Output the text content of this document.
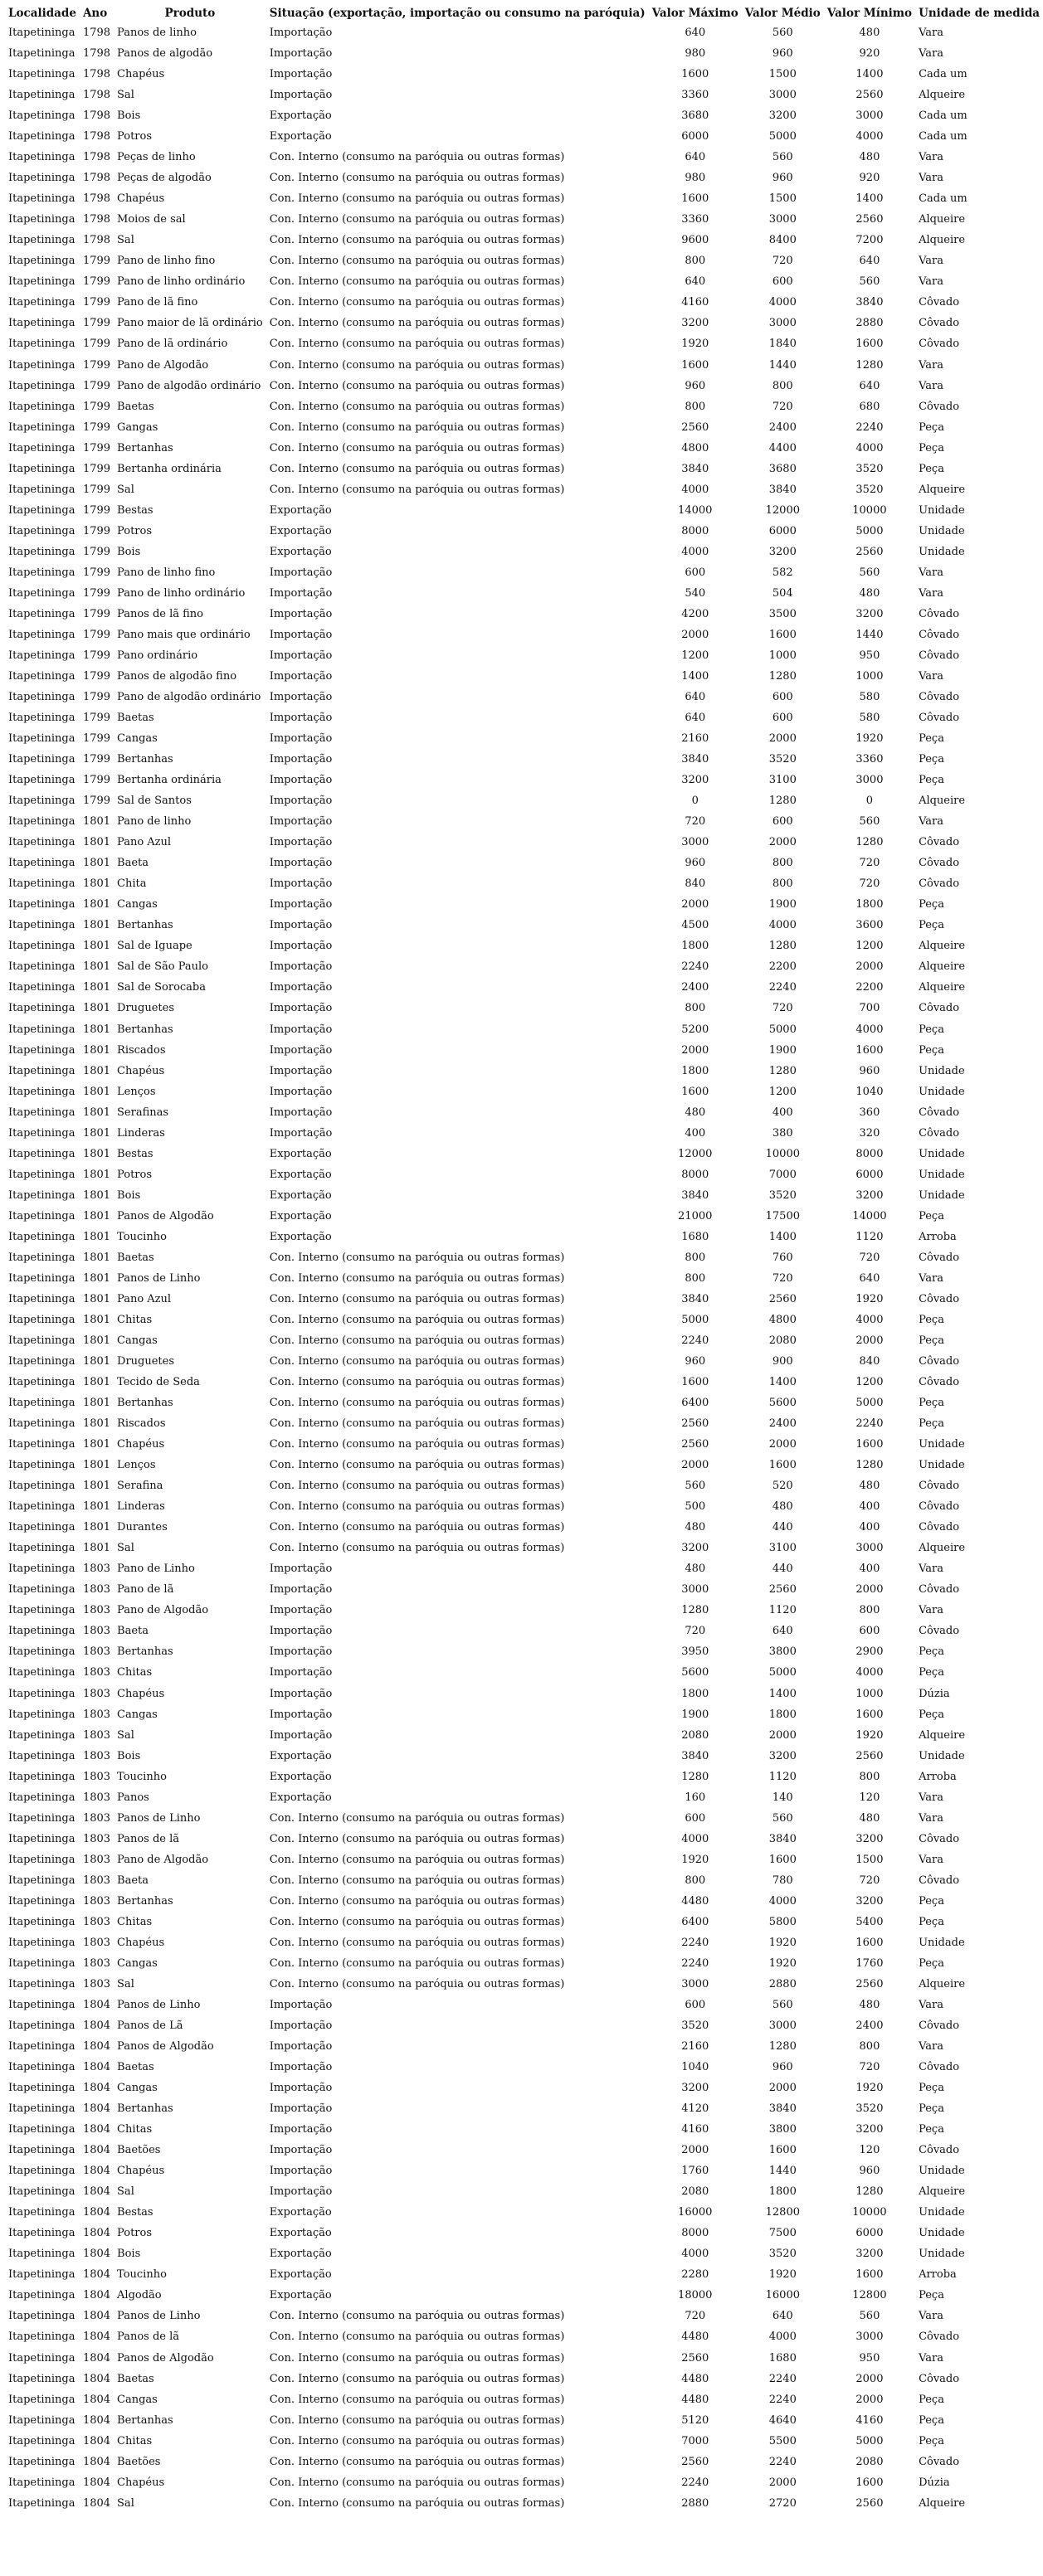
Localidade	Ano	Produto	Situação (exportação, importação ou consumo na paróquia)	Valor Máximo	Valor Médio	Valor Mínimo	Unidade de medida
Itapetininga	1798	Panos de linho	Importação	640	560	480	Vara
Itapetininga	1798	Panos de algodão	Importação	980	960	920	Vara
Itapetininga	1798	Chapéus	Importação	1600	1500	1400	Cada um
Itapetininga	1798	Sal	Importação	3360	3000	2560	Alqueire
Itapetininga	1798	Bois	Exportação	3680	3200	3000	Cada um
Itapetininga	1798	Potros	Exportação	6000	5000	4000	Cada um
Itapetininga	1798	Peças de linho	Con. Interno (consumo na paróquia ou outras formas)	640	560	480	Vara
Itapetininga	1798	Peças de algodão	Con. Interno (consumo na paróquia ou outras formas)	980	960	920	Vara
Itapetininga	1798	Chapéus	Con. Interno (consumo na paróquia ou outras formas)	1600	1500	1400	Cada um
Itapetininga	1798	Moios de sal	Con. Interno (consumo na paróquia ou outras formas)	3360	3000	2560	Alqueire
Itapetininga	1798	Sal	Con. Interno (consumo na paróquia ou outras formas)	9600	8400	7200	Alqueire
Itapetininga	1799	Pano de linho fino	Con. Interno (consumo na paróquia ou outras formas)	800	720	640	Vara
Itapetininga	1799	Pano de linho ordinário	Con. Interno (consumo na paróquia ou outras formas)	640	600	560	Vara
Itapetininga	1799	Pano de lã fino	Con. Interno (consumo na paróquia ou outras formas)	4160	4000	3840	Côvado
Itapetininga	1799	Pano maior de lã ordinário	Con. Interno (consumo na paróquia ou outras formas)	3200	3000	2880	Côvado
Itapetininga	1799	Pano de lã ordinário	Con. Interno (consumo na paróquia ou outras formas)	1920	1840	1600	Côvado
Itapetininga	1799	Pano de Algodão	Con. Interno (consumo na paróquia ou outras formas)	1600	1440	1280	Vara
Itapetininga	1799	Pano de algodão ordinário	Con. Interno (consumo na paróquia ou outras formas)	960	800	640	Vara
Itapetininga	1799	Baetas	Con. Interno (consumo na paróquia ou outras formas)	800	720	680	Côvado
Itapetininga	1799	Gangas	Con. Interno (consumo na paróquia ou outras formas)	2560	2400	2240	Peça
Itapetininga	1799	Bertanhas	Con. Interno (consumo na paróquia ou outras formas)	4800	4400	4000	Peça
Itapetininga	1799	Bertanha ordinária	Con. Interno (consumo na paróquia ou outras formas)	3840	3680	3520	Peça
Itapetininga	1799	Sal	Con. Interno (consumo na paróquia ou outras formas)	4000	3840	3520	Alqueire
Itapetininga	1799	Bestas	Exportação	14000	12000	10000	Unidade
Itapetininga	1799	Potros	Exportação	8000	6000	5000	Unidade
Itapetininga	1799	Bois	Exportação	4000	3200	2560	Unidade
Itapetininga	1799	Pano de linho fino	Importação	600	582	560	Vara
Itapetininga	1799	Pano de linho ordinário	Importação	540	504	480	Vara
Itapetininga	1799	Panos de lã fino	Importação	4200	3500	3200	Côvado
Itapetininga	1799	Pano mais que ordinário	Importação	2000	1600	1440	Côvado
Itapetininga	1799	Pano ordinário	Importação	1200	1000	950	Côvado
Itapetininga	1799	Panos de algodão fino	Importação	1400	1280	1000	Vara
Itapetininga	1799	Pano de algodão ordinário	Importação	640	600	580	Côvado
Itapetininga	1799	Baetas	Importação	640	600	580	Côvado
Itapetininga	1799	Cangas	Importação	2160	2000	1920	Peça
Itapetininga	1799	Bertanhas	Importação	3840	3520	3360	Peça
Itapetininga	1799	Bertanha ordinária	Importação	3200	3100	3000	Peça
Itapetininga	1799	Sal de Santos	Importação	0	1280	0	Alqueire
Itapetininga	1801	Pano de linho	Importação	720	600	560	Vara
Itapetininga	1801	Pano Azul	Importação	3000	2000	1280	Côvado
Itapetininga	1801	Baeta	Importação	960	800	720	Côvado
Itapetininga	1801	Chita	Importação	840	800	720	Côvado
Itapetininga	1801	Cangas	Importação	2000	1900	1800	Peça
Itapetininga	1801	Bertanhas	Importação	4500	4000	3600	Peça
Itapetininga	1801	Sal de Iguape	Importação	1800	1280	1200	Alqueire
Itapetininga	1801	Sal de São Paulo	Importação	2240	2200	2000	Alqueire
Itapetininga	1801	Sal de Sorocaba	Importação	2400	2240	2200	Alqueire
Itapetininga	1801	Druguetes	Importação	800	720	700	Côvado
Itapetininga	1801	Bertanhas	Importação	5200	5000	4000	Peça
Itapetininga	1801	Riscados	Importação	2000	1900	1600	Peça
Itapetininga	1801	Chapéus	Importação	1800	1280	960	Unidade
Itapetininga	1801	Lenços	Importação	1600	1200	1040	Unidade
Itapetininga	1801	Serafinas	Importação	480	400	360	Côvado
Itapetininga	1801	Linderas	Importação	400	380	320	Côvado
Itapetininga	1801	Bestas	Exportação	12000	10000	8000	Unidade
Itapetininga	1801	Potros	Exportação	8000	7000	6000	Unidade
Itapetininga	1801	Bois	Exportação	3840	3520	3200	Unidade
Itapetininga	1801	Panos de Algodão	Exportação	21000	17500	14000	Peça
Itapetininga	1801	Toucinho	Exportação	1680	1400	1120	Arroba
Itapetininga	1801	Baetas	Con. Interno (consumo na paróquia ou outras formas)	800	760	720	Côvado
Itapetininga	1801	Panos de Linho	Con. Interno (consumo na paróquia ou outras formas)	800	720	640	Vara
Itapetininga	1801	Pano Azul	Con. Interno (consumo na paróquia ou outras formas)	3840	2560	1920	Côvado
Itapetininga	1801	Chitas	Con. Interno (consumo na paróquia ou outras formas)	5000	4800	4000	Peça
Itapetininga	1801	Cangas	Con. Interno (consumo na paróquia ou outras formas)	2240	2080	2000	Peça
Itapetininga	1801	Druguetes	Con. Interno (consumo na paróquia ou outras formas)	960	900	840	Côvado
Itapetininga	1801	Tecido de Seda	Con. Interno (consumo na paróquia ou outras formas)	1600	1400	1200	Côvado
Itapetininga	1801	Bertanhas	Con. Interno (consumo na paróquia ou outras formas)	6400	5600	5000	Peça
Itapetininga	1801	Riscados	Con. Interno (consumo na paróquia ou outras formas)	2560	2400	2240	Peça
Itapetininga	1801	Chapéus	Con. Interno (consumo na paróquia ou outras formas)	2560	2000	1600	Unidade
Itapetininga	1801	Lenços	Con. Interno (consumo na paróquia ou outras formas)	2000	1600	1280	Unidade
Itapetininga	1801	Serafina	Con. Interno (consumo na paróquia ou outras formas)	560	520	480	Côvado
Itapetininga	1801	Linderas	Con. Interno (consumo na paróquia ou outras formas)	500	480	400	Côvado
Itapetininga	1801	Durantes	Con. Interno (consumo na paróquia ou outras formas)	480	440	400	Côvado
Itapetininga	1801	Sal	Con. Interno (consumo na paróquia ou outras formas)	3200	3100	3000	Alqueire
Itapetininga	1803	Pano de Linho	Importação	480	440	400	Vara
Itapetininga	1803	Pano de lã	Importação	3000	2560	2000	Côvado
Itapetininga	1803	Pano de Algodão	Importação	1280	1120	800	Vara
Itapetininga	1803	Baeta	Importação	720	640	600	Côvado
Itapetininga	1803	Bertanhas	Importação	3950	3800	2900	Peça
Itapetininga	1803	Chitas	Importação	5600	5000	4000	Peça
Itapetininga	1803	Chapéus	Importação	1800	1400	1000	Dúzia
Itapetininga	1803	Cangas	Importação	1900	1800	1600	Peça
Itapetininga	1803	Sal	Importação	2080	2000	1920	Alqueire
Itapetininga	1803	Bois	Exportação	3840	3200	2560	Unidade
Itapetininga	1803	Toucinho	Exportação	1280	1120	800	Arroba
Itapetininga	1803	Panos	Exportação	160	140	120	Vara
Itapetininga	1803	Panos de Linho	Con. Interno (consumo na paróquia ou outras formas)	600	560	480	Vara
Itapetininga	1803	Panos de lã	Con. Interno (consumo na paróquia ou outras formas)	4000	3840	3200	Côvado
Itapetininga	1803	Pano de Algodão	Con. Interno (consumo na paróquia ou outras formas)	1920	1600	1500	Vara
Itapetininga	1803	Baeta	Con. Interno (consumo na paróquia ou outras formas)	800	780	720	Côvado
Itapetininga	1803	Bertanhas	Con. Interno (consumo na paróquia ou outras formas)	4480	4000	3200	Peça
Itapetininga	1803	Chitas	Con. Interno (consumo na paróquia ou outras formas)	6400	5800	5400	Peça
Itapetininga	1803	Chapéus	Con. Interno (consumo na paróquia ou outras formas)	2240	1920	1600	Unidade
Itapetininga	1803	Cangas	Con. Interno (consumo na paróquia ou outras formas)	2240	1920	1760	Peça
Itapetininga	1803	Sal	Con. Interno (consumo na paróquia ou outras formas)	3000	2880	2560	Alqueire
Itapetininga	1804	Panos de Linho	Importação	600	560	480	Vara
Itapetininga	1804	Panos de Lã	Importação	3520	3000	2400	Côvado
Itapetininga	1804	Panos de Algodão	Importação	2160	1280	800	Vara
Itapetininga	1804	Baetas	Importação	1040	960	720	Côvado
Itapetininga	1804	Cangas	Importação	3200	2000	1920	Peça
Itapetininga	1804	Bertanhas	Importação	4120	3840	3520	Peça
Itapetininga	1804	Chitas	Importação	4160	3800	3200	Peça
Itapetininga	1804	Baetões	Importação	2000	1600	120	Côvado
Itapetininga	1804	Chapéus	Importação	1760	1440	960	Unidade
Itapetininga	1804	Sal	Importação	2080	1800	1280	Alqueire
Itapetininga	1804	Bestas	Exportação	16000	12800	10000	Unidade
Itapetininga	1804	Potros	Exportação	8000	7500	6000	Unidade
Itapetininga	1804	Bois	Exportação	4000	3520	3200	Unidade
Itapetininga	1804	Toucinho	Exportação	2280	1920	1600	Arroba
Itapetininga	1804	Algodão	Exportação	18000	16000	12800	Peça
Itapetininga	1804	Panos de Linho	Con. Interno (consumo na paróquia ou outras formas)	720	640	560	Vara
Itapetininga	1804	Panos de lã	Con. Interno (consumo na paróquia ou outras formas)	4480	4000	3000	Côvado
Itapetininga	1804	Panos de Algodão	Con. Interno (consumo na paróquia ou outras formas)	2560	1680	950	Vara
Itapetininga	1804	Baetas	Con. Interno (consumo na paróquia ou outras formas)	4480	2240	2000	Côvado
Itapetininga	1804	Cangas	Con. Interno (consumo na paróquia ou outras formas)	4480	2240	2000	Peça
Itapetininga	1804	Bertanhas	Con. Interno (consumo na paróquia ou outras formas)	5120	4640	4160	Peça
Itapetininga	1804	Chitas	Con. Interno (consumo na paróquia ou outras formas)	7000	5500	5000	Peça
Itapetininga	1804	Baetões	Con. Interno (consumo na paróquia ou outras formas)	2560	2240	2080	Côvado
Itapetininga	1804	Chapéus	Con. Interno (consumo na paróquia ou outras formas)	2240	2000	1600	Dúzia
Itapetininga	1804	Sal	Con. Interno (consumo na paróquia ou outras formas)	2880	2720	2560	Alqueire
